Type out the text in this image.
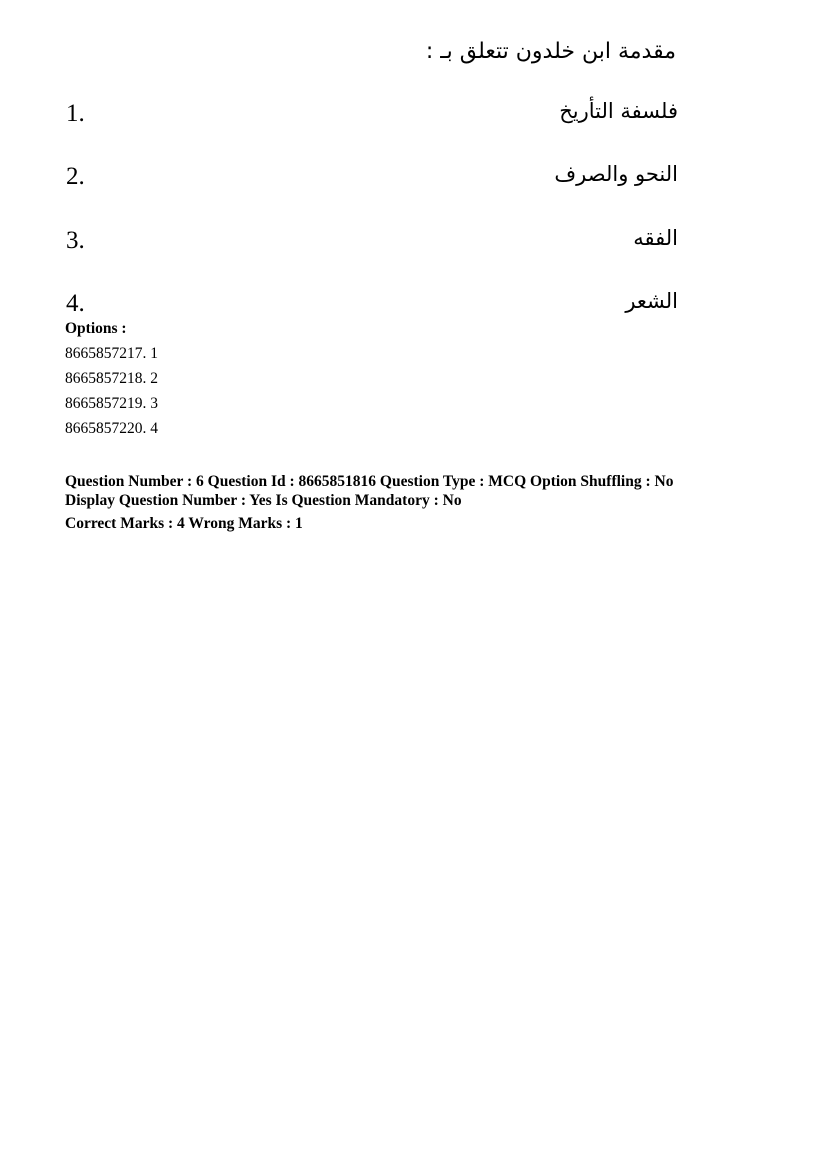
مقدمة ابن خلدون تتعلق بـ :
1.	فلسفة التأريخ
2.	النحو والصرف
3.	الفقه
4.	الشعر
Options :
8665857217. 1
8665857218. 2
8665857219. 3
8665857220. 4
Question Number : 6 Question Id : 8665851816 Question Type : MCQ Option Shuffling : No
Display Question Number : Yes Is Question Mandatory : No
Correct Marks : 4 Wrong Marks : 1
